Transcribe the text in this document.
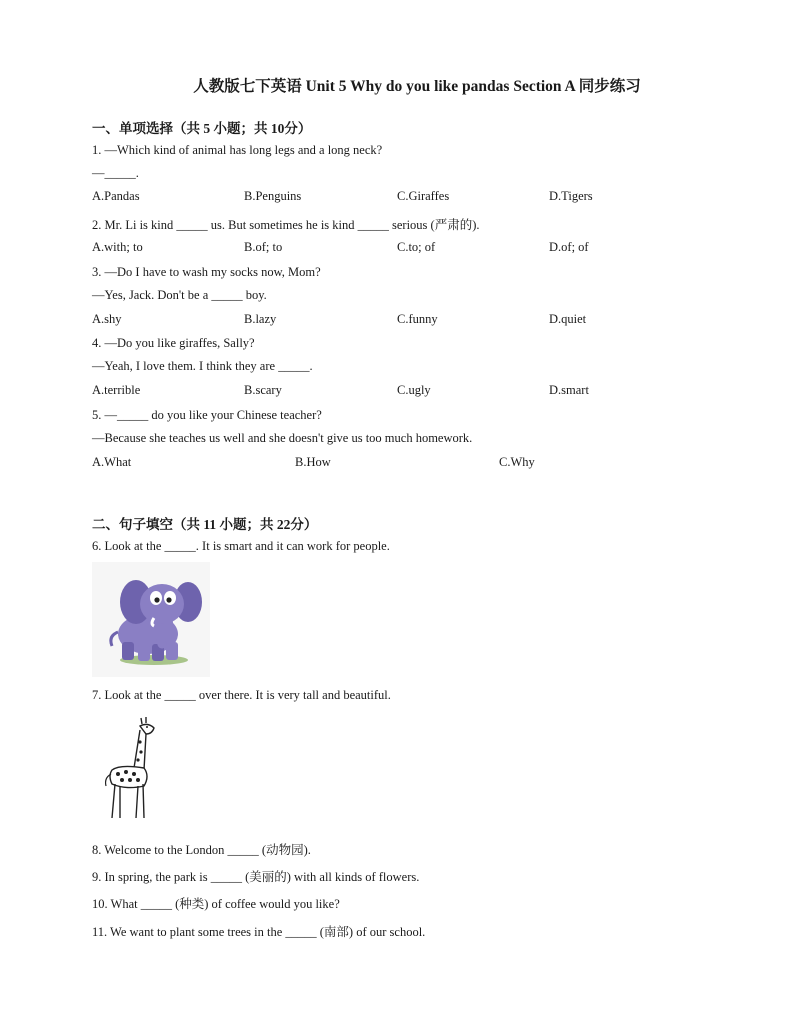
人教版七下英语 Unit 5 Why do you like pandas Section A 同步练习
一、单项选择（共 5 小题；共 10分）
1. —Which kind of animal has long legs and a long neck?
—_____.
A.Pandas	B.Penguins	C.Giraffes	D.Tigers
2. Mr. Li is kind _____ us. But sometimes he is kind _____ serious (严肃的).
A.with; to	B.of; to	C.to; of	D.of; of
3. —Do I have to wash my socks now, Mom?
—Yes, Jack. Don't be a _____ boy.
A.shy	B.lazy	C.funny	D.quiet
4. —Do you like giraffes, Sally?
—Yeah, I love them. I think they are _____.
A.terrible	B.scary	C.ugly	D.smart
5. —_____ do you like your Chinese teacher?
—Because she teaches us well and she doesn't give us too much homework.
A.What	B.How	C.Why
二、句子填空（共 11 小题；共 22分）
6. Look at the _____. It is smart and it can work for people.
7. Look at the _____ over there. It is very tall and beautiful.
8. Welcome to the London _____ (动物园).
9. In spring, the park is _____ (美丽的) with all kinds of flowers.
10. What _____ (种类) of coffee would you like?
11. We want to plant some trees in the _____ (南部) of our school.
